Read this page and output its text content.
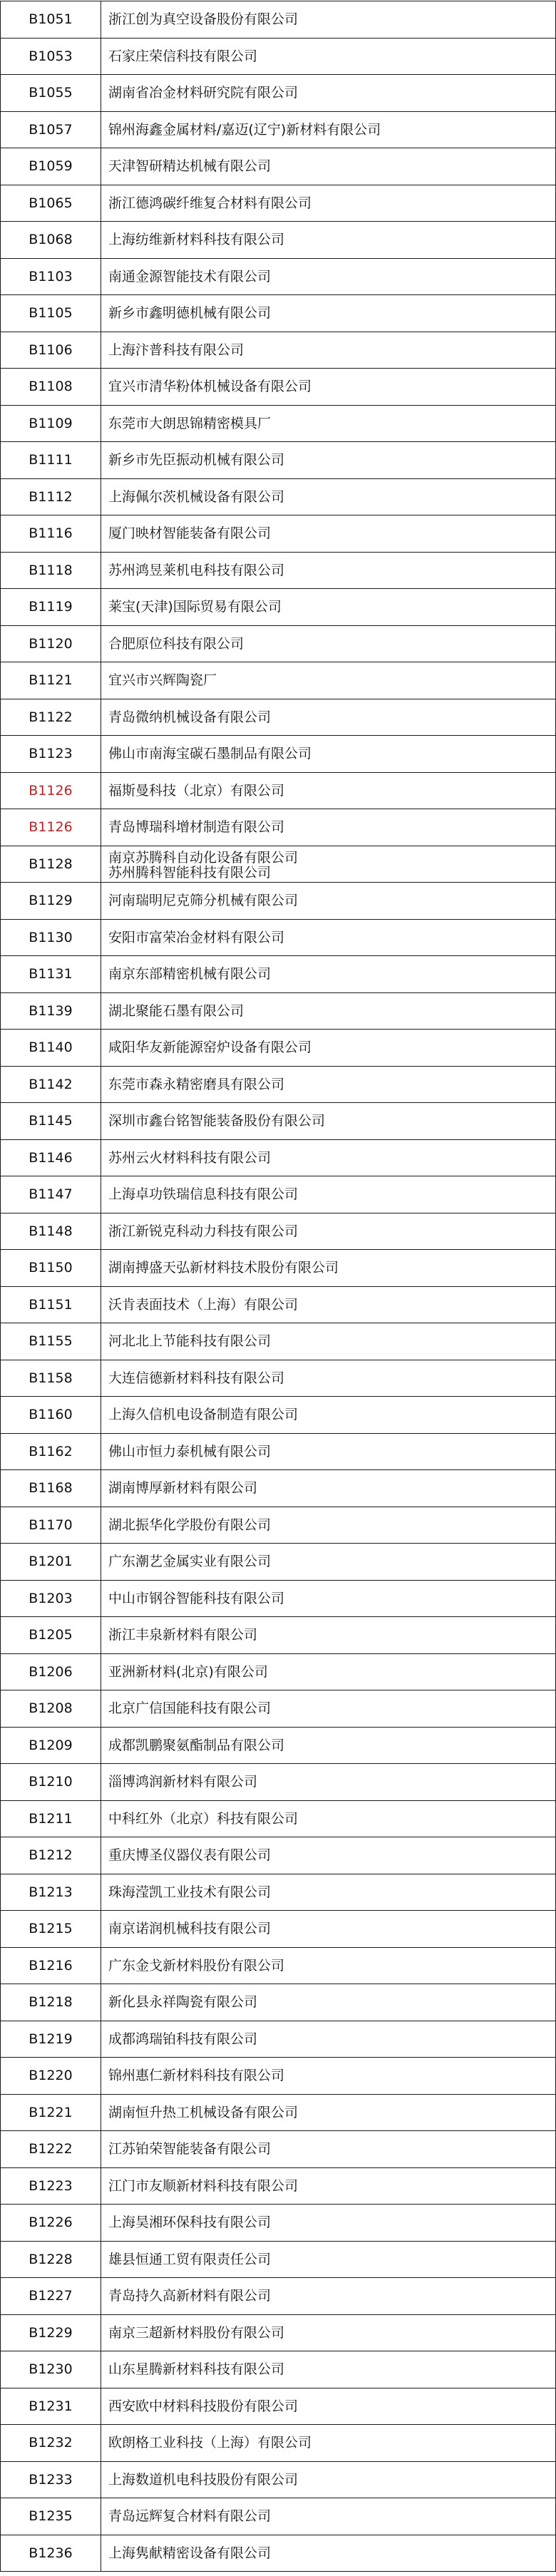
B1051	浙江创为真空设备股份有限公司
B1053	石家庄荣信科技有限公司
B1055	湖南省冶金材料研究院有限公司
B1057	锦州海鑫金属材料/嘉迈(辽宁)新材料有限公司
B1059	天津智研精达机械有限公司
B1065	浙江德鸿碳纤维复合材料有限公司
B1068	上海纺维新材料科技有限公司
B1103	南通金源智能技术有限公司
B1105	新乡市鑫明德机械有限公司
B1106	上海汴普科技有限公司
B1108	宜兴市清华粉体机械设备有限公司
B1109	东莞市大朗思锦精密模具厂
B1111	新乡市先臣振动机械有限公司
B1112	上海佩尔茨机械设备有限公司
B1116	厦门映材智能装备有限公司
B1118	苏州鸿昱莱机电科技有限公司
B1119	莱宝(天津)国际贸易有限公司
B1120	合肥原位科技有限公司
B1121	宜兴市兴辉陶瓷厂
B1122	青岛微纳机械设备有限公司
B1123	佛山市南海宝碳石墨制品有限公司
B1126	福斯曼科技（北京）有限公司
B1126	青岛博瑞科增材制造有限公司
B1128	南京苏腾科自动化设备有限公司
苏州腾科智能科技有限公司
B1129	河南瑞明尼克筛分机械有限公司
B1130	安阳市富荣冶金材料有限公司
B1131	南京东部精密机械有限公司
B1139	湖北聚能石墨有限公司
B1140	咸阳华友新能源窑炉设备有限公司
B1142	东莞市森永精密磨具有限公司
B1145	深圳市鑫台铭智能装备股份有限公司
B1146	苏州云火材料科技有限公司
B1147	上海卓功铁瑞信息科技有限公司
B1148	浙江新锐克科动力科技有限公司
B1150	湖南搏盛天弘新材料技术股份有限公司
B1151	沃肯表面技术（上海）有限公司
B1155	河北北上节能科技有限公司
B1158	大连信德新材料科技有限公司
B1160	上海久信机电设备制造有限公司
B1162	佛山市恒力泰机械有限公司
B1168	湖南博厚新材料有限公司
B1170	湖北振华化学股份有限公司
B1201	广东潮艺金属实业有限公司
B1203	中山市钢谷智能科技有限公司
B1205	浙江丰泉新材料有限公司
B1206	亚洲新材料(北京)有限公司
B1208	北京广信国能科技有限公司
B1209	成都凯鹏聚氨酯制品有限公司
B1210	淄博鸿润新材料有限公司
B1211	中科红外（北京）科技有限公司
B1212	重庆博圣仪器仪表有限公司
B1213	珠海滢凯工业技术有限公司
B1215	南京诺润机械科技有限公司
B1216	广东金戈新材料股份有限公司
B1218	新化县永祥陶瓷有限公司
B1219	成都鸿瑞铂科技有限公司
B1220	锦州惠仁新材料科技有限公司
B1221	湖南恒升热工机械设备有限公司
B1222	江苏铂荣智能装备有限公司
B1223	江门市友顺新材料科技有限公司
B1226	上海昊湘环保科技有限公司
B1228	雄县恒通工贸有限责任公司
B1227	青岛持久高新材料有限公司
B1229	南京三超新材料股份有限公司
B1230	山东星腾新材料科技有限公司
B1231	西安欧中材料科技股份有限公司
B1232	欧朗格工业科技（上海）有限公司
B1233	上海数道机电科技股份有限公司
B1235	青岛远辉复合材料有限公司
B1236	上海隽献精密设备有限公司
